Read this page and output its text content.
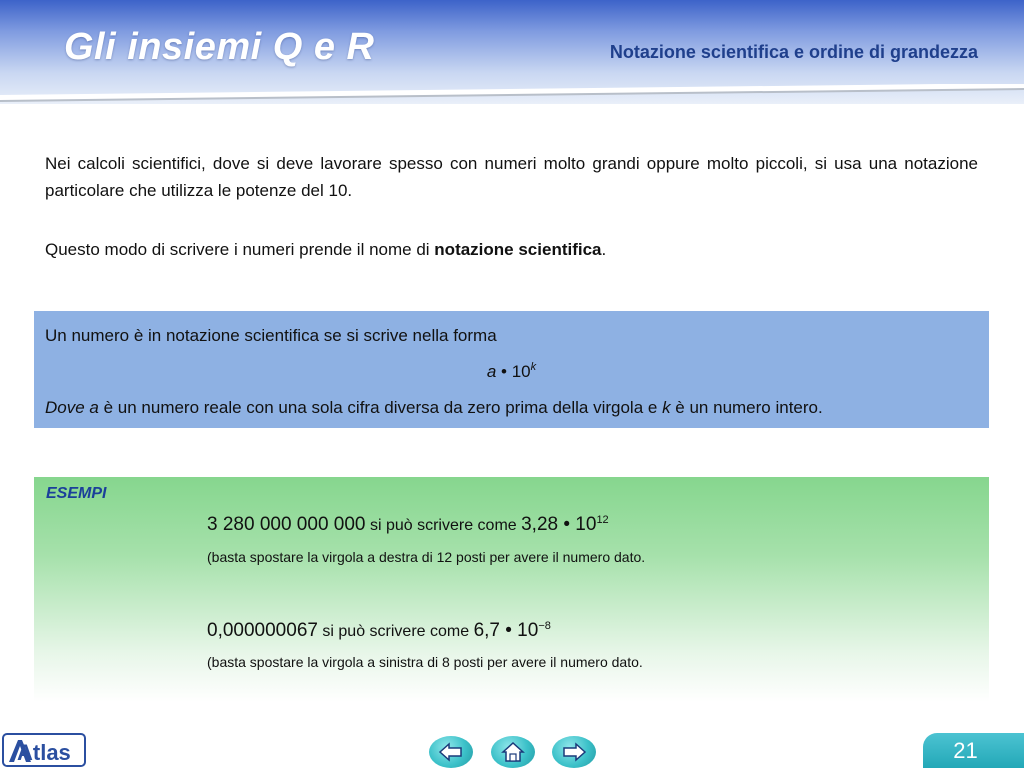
Gli insiemi Q e R	Notazione scientifica e ordine di grandezza
Nei calcoli scientifici, dove si deve lavorare spesso con numeri molto grandi oppure molto piccoli, si usa una notazione particolare che utilizza le potenze del 10.
Questo modo di scrivere i numeri prende il nome di notazione scientifica.
Un numero è in notazione scientifica se si scrive nella forma
a • 10$^k$
Dove a è un numero reale con una sola cifra diversa da zero prima della virgola e k è un numero intero.
ESEMPI
3 280 000 000 000 si può scrivere come 3,28 • $10^{12}$
(basta spostare la virgola a destra di 12 posti per avere il numero dato.
0,000000067 si può scrivere come 6,7 • $10^{-8}$
(basta spostare la virgola a sinistra di 8 posti per avere il numero dato.
Atlas	21
